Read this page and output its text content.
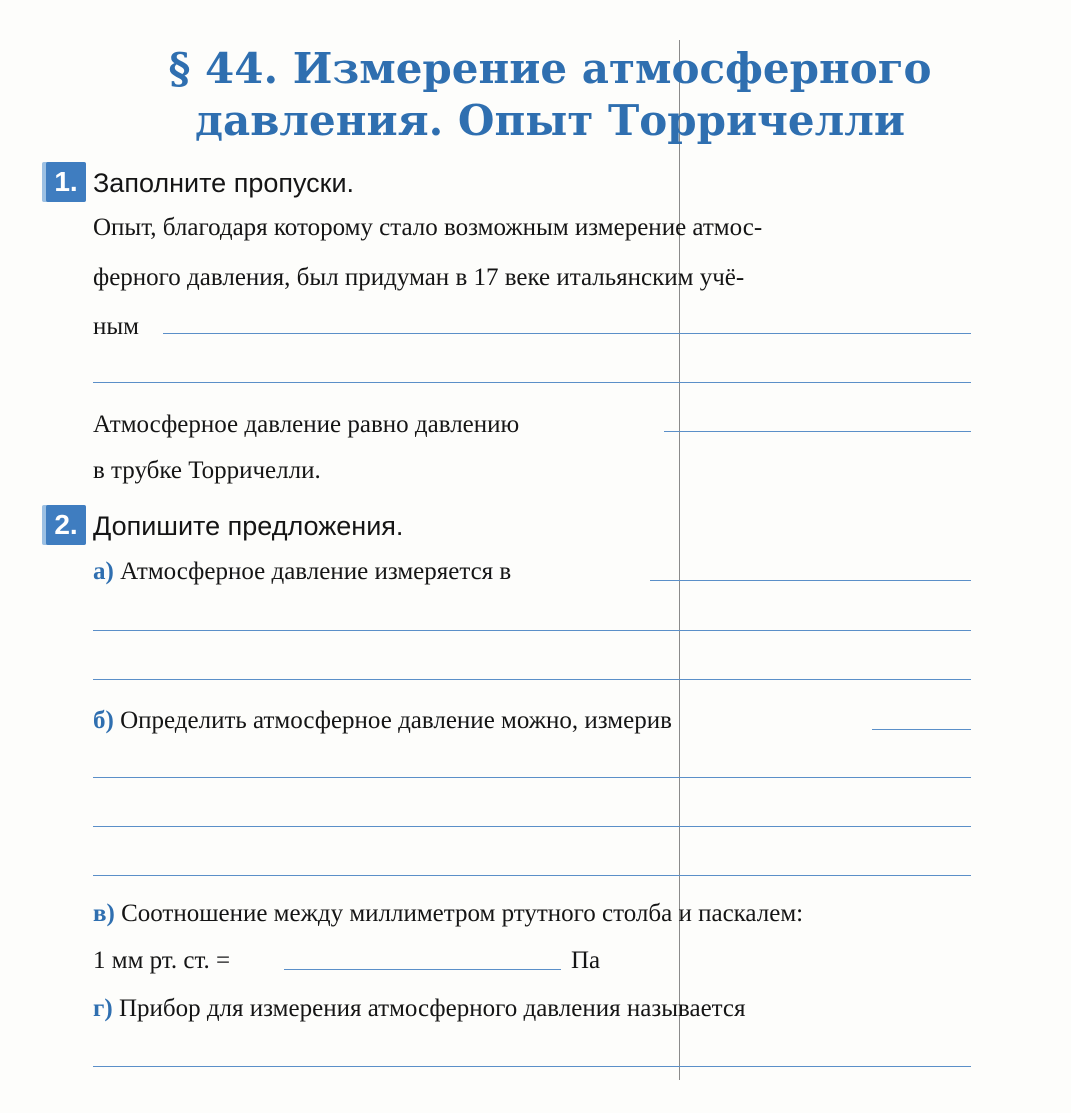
§ 44. Измерение атмосферного
давления. Опыт Торричелли
1. Заполните пропуски.
Опыт, благодаря которому стало возможным измерение атмос-
ферного давления, был придуман в 17 веке итальянским учё-
ным
Атмосферное давление равно давлению
в трубке Торричелли.
2. Допишите предложения.
а) Атмосферное давление измеряется в
б) Определить атмосферное давление можно, измерив
в) Соотношение между миллиметром ртутного столба и паскалем:
1 мм рт. ст. =	Па
г) Прибор для измерения атмосферного давления называется
